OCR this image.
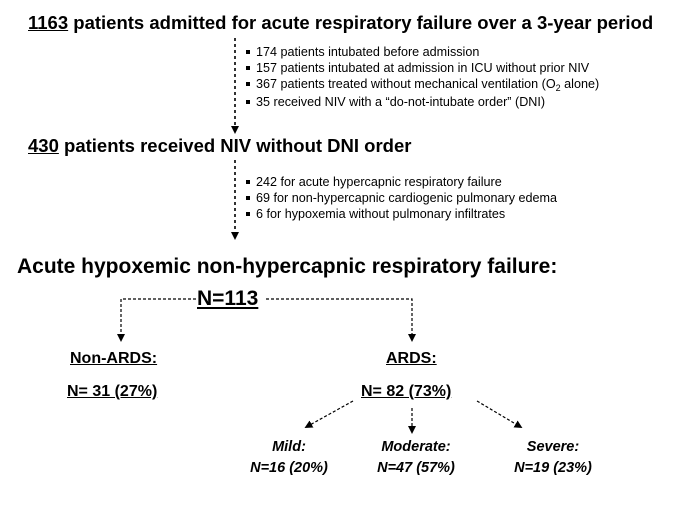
1163 patients admitted for acute respiratory failure over a 3-year period
174 patients intubated before admission
157 patients intubated at admission in ICU without prior NIV
367 patients treated without mechanical ventilation ($O_2$ alone)
35 received NIV with a “do-not-intubate order” (DNI)
430 patients received NIV without DNI order
242 for acute hypercapnic respiratory failure
69 for non-hypercapnic cardiogenic pulmonary edema
6 for hypoxemia without pulmonary infiltrates
Acute hypoxemic non-hypercapnic respiratory failure:
N=113
Non-ARDS:
N= 31 (27%)
ARDS:
N= 82 (73%)
Mild:
N=16 (20%)
Moderate:
N=47 (57%)
Severe:
N=19 (23%)
